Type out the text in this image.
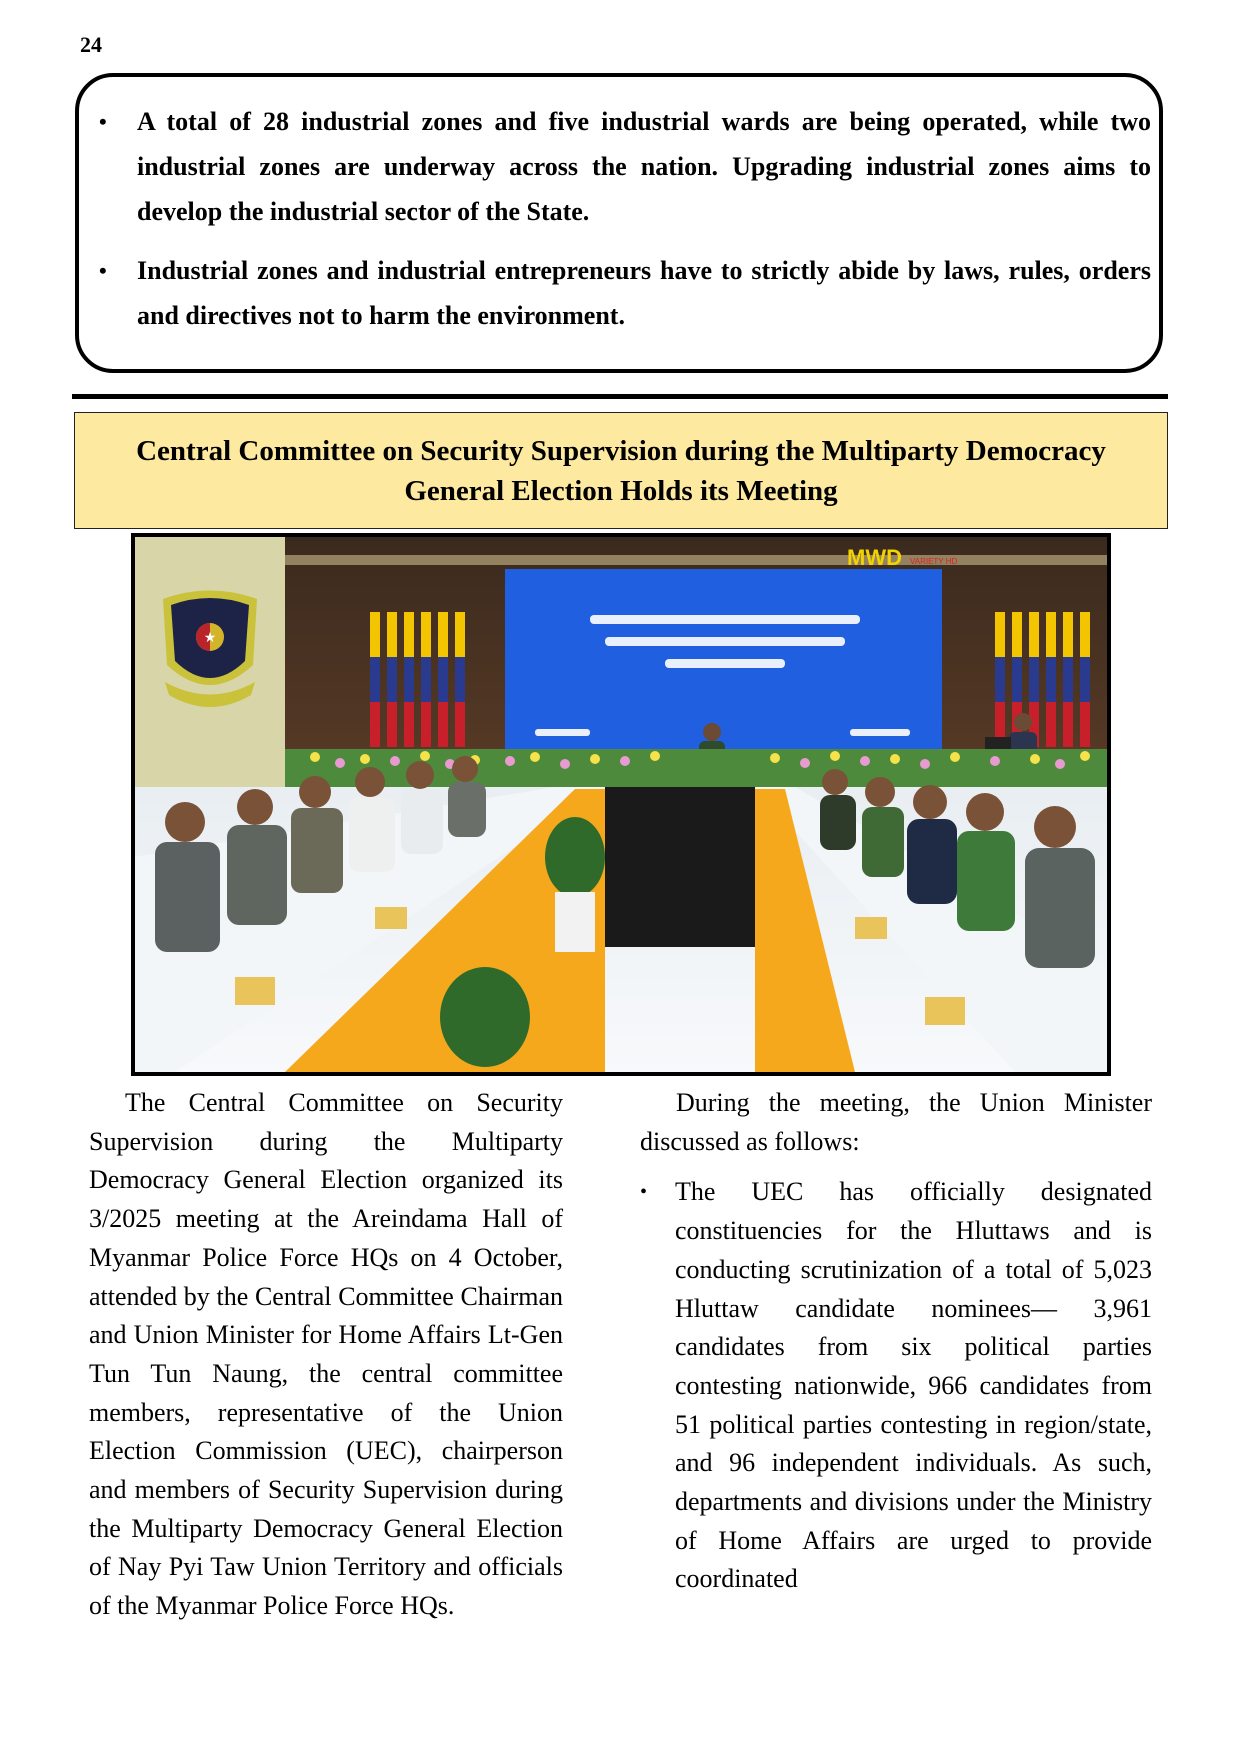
24
• A total of 28 industrial zones and five industrial wards are being operated, while two industrial zones are underway across the nation. Upgrading industrial zones aims to develop the industrial sector of the State.
• Industrial zones and industrial entrepreneurs have to strictly abide by laws, rules, orders and directives not to harm the environment.
Central Committee on Security Supervision during the Multiparty Democracy General Election Holds its Meeting
★
MWD VARIETY HD

The Central Committee on Security Supervision during the Multiparty Democracy General Election organized its 3/2025 meeting at the Areindama Hall of Myanmar Police Force HQs on 4 October, attended by the Central Committee Chairman and Union Minister for Home Affairs Lt-Gen Tun Tun Naung, the central committee members, representative of the Union Election Commission (UEC), chairperson and members of Security Supervision during the Multiparty Democracy General Election of Nay Pyi Taw Union Territory and officials of the Myanmar Police Force HQs.

During the meeting, the Union Minister discussed as follows:

• The UEC has officially designated constituencies for the Hluttaws and is conducting scrutinization of a total of 5,023 Hluttaw candidate nominees— 3,961 candidates from six political parties contesting nationwide, 966 candidates from 51 political parties contesting in region/state, and 96 independent individuals. As such, departments and divisions under the Ministry of Home Affairs are urged to provide coordinated
